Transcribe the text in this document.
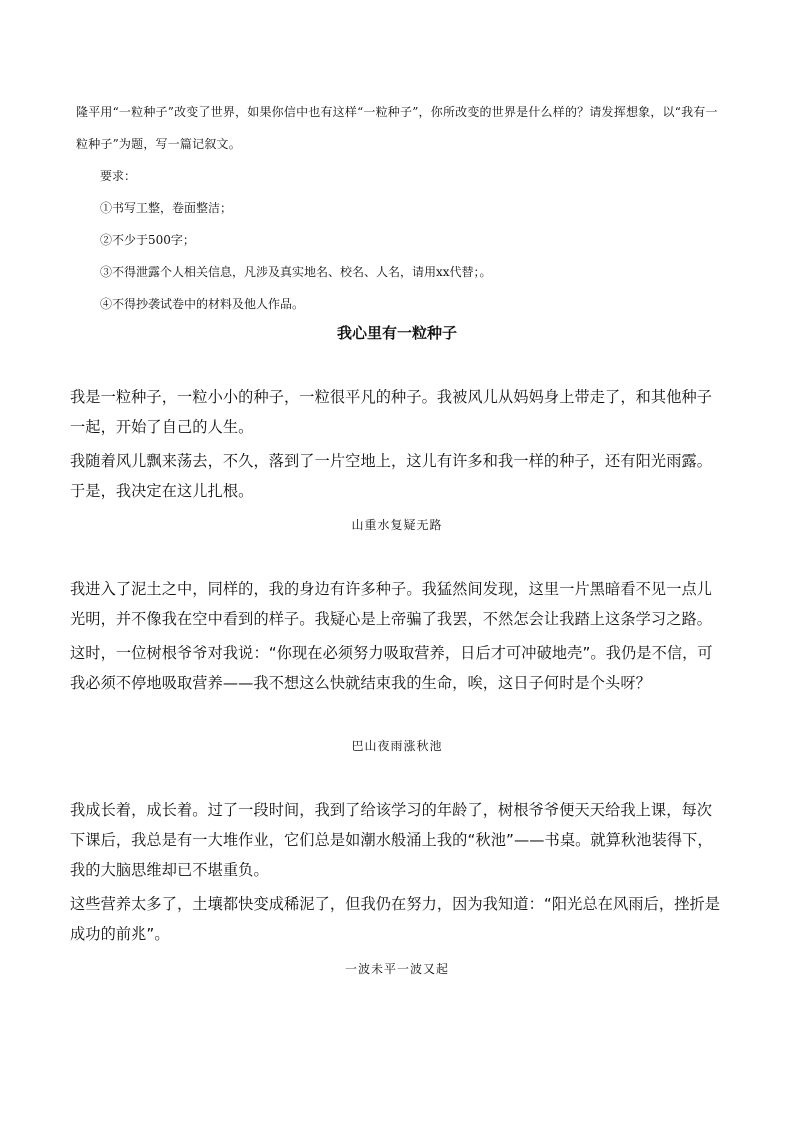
隆平用“一粒种子”改变了世界，如果你信中也有这样“一粒种子”，你所改变的世界是什么样的？请发挥想象，以“我有一粒种子”为题，写一篇记叙文。
要求：
①书写工整，卷面整洁；
②不少于500字；
③不得泄露个人相关信息，凡涉及真实地名、校名、人名，请用xx代替；。
④不得抄袭试卷中的材料及他人作品。
我心里有一粒种子
我是一粒种子，一粒小小的种子，一粒很平凡的种子。我被风儿从妈妈身上带走了，和其他种子一起，开始了自己的人生。
我随着风儿飘来荡去，不久，落到了一片空地上，这儿有许多和我一样的种子，还有阳光雨露。于是，我决定在这儿扎根。
山重水复疑无路
我进入了泥土之中，同样的，我的身边有许多种子。我猛然间发现，这里一片黑暗看不见一点儿光明，并不像我在空中看到的样子。我疑心是上帝骗了我罢，不然怎会让我踏上这条学习之路。
这时，一位树根爷爷对我说：“你现在必须努力吸取营养，日后才可冲破地壳”。我仍是不信，可我必须不停地吸取营养——我不想这么快就结束我的生命，唉，这日子何时是个头呀？
巴山夜雨涨秋池
我成长着，成长着。过了一段时间，我到了给该学习的年龄了，树根爷爷便天天给我上课，每次下课后，我总是有一大堆作业，它们总是如潮水般涌上我的“秋池”——书桌。就算秋池装得下，我的大脑思维却已不堪重负。
这些营养太多了，土壤都快变成稀泥了，但我仍在努力，因为我知道：“阳光总在风雨后，挫折是成功的前兆”。
一波未平一波又起
